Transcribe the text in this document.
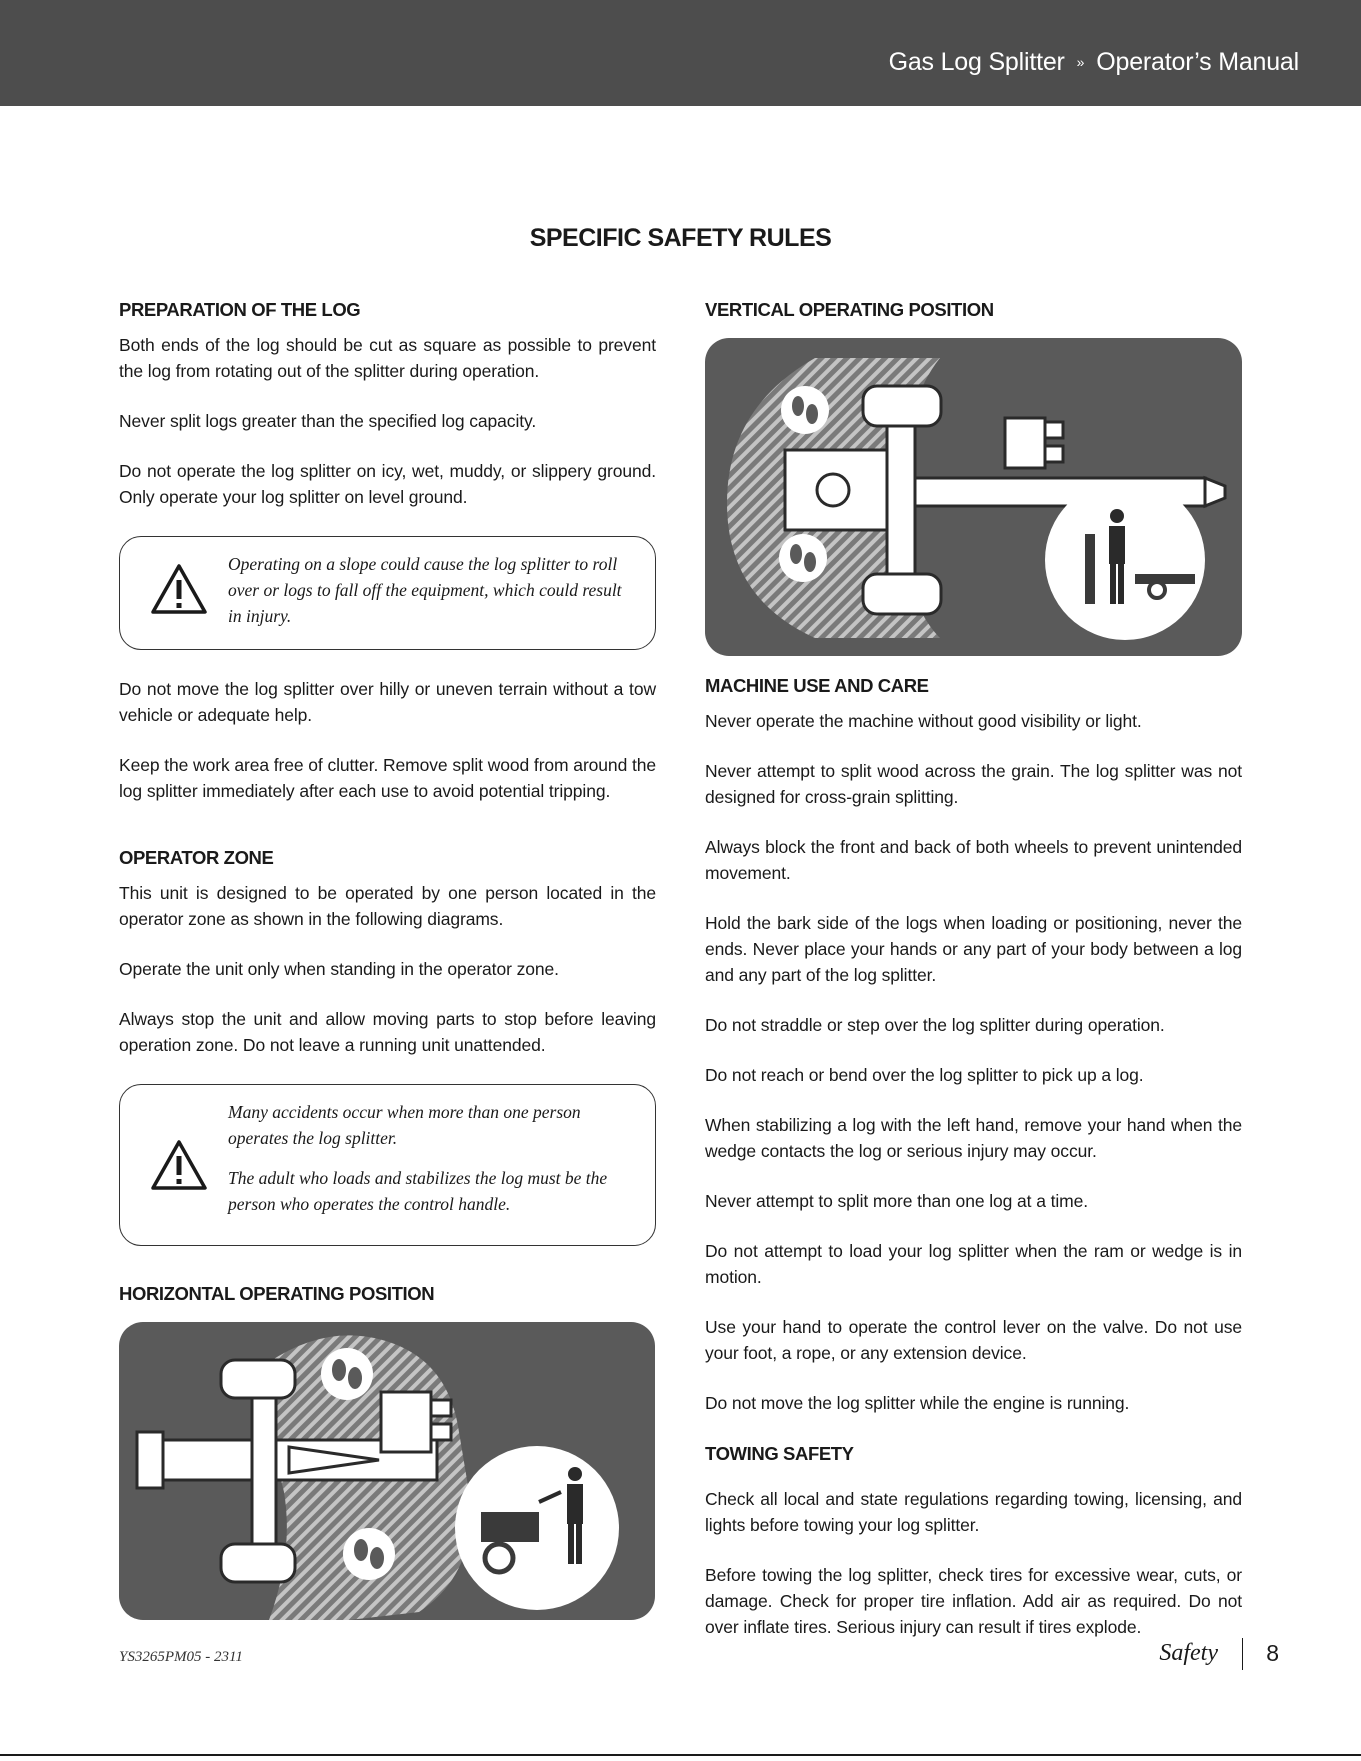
Gas Log Splitter » Operator’s Manual
SPECIFIC SAFETY RULES
PREPARATION OF THE LOG

Both ends of the log should be cut as square as possible to prevent the log from rotating out of the splitter during operation.

Never split logs greater than the specified log capacity.

Do not operate the log splitter on icy, wet, muddy, or slippery ground. Only operate your log splitter on level ground.

Operating on a slope could cause the log splitter to roll over or logs to fall off the equipment, which could result in injury.

Do not move the log splitter over hilly or uneven terrain without a tow vehicle or adequate help.

Keep the work area free of clutter. Remove split wood from around the log splitter immediately after each use to avoid potential tripping.

OPERATOR ZONE

This unit is designed to be operated by one person located in the operator zone as shown in the following diagrams.

Operate the unit only when standing in the operator zone.

Always stop the unit and allow moving parts to stop before leaving operation zone. Do not leave a running unit unattended.

Many accidents occur when more than one person operates the log splitter.
The adult who loads and stabilizes the log must be the person who operates the control handle.
HORIZONTAL OPERATING POSITION
VERTICAL OPERATING POSITION
MACHINE USE AND CARE

Never operate the machine without good visibility or light.

Never attempt to split wood across the grain. The log splitter was not designed for cross-grain splitting.

Always block the front and back of both wheels to prevent unintended movement.

Hold the bark side of the logs when loading or positioning, never the ends. Never place your hands or any part of your body between a log and any part of the log splitter.

Do not straddle or step over the log splitter during operation.

Do not reach or bend over the log splitter to pick up a log.

When stabilizing a log with the left hand, remove your hand when the wedge contacts the log or serious injury may occur.

Never attempt to split more than one log at a time.

Do not attempt to load your log splitter when the ram or wedge is in motion.

Use your hand to operate the control lever on the valve. Do not use your foot, a rope, or any extension device.

Do not move the log splitter while the engine is running.

TOWING SAFETY

Check all local and state regulations regarding towing, licensing, and lights before towing your log splitter.

Before towing the log splitter, check tires for excessive wear, cuts, or damage. Check for proper tire inflation. Add air as required. Do not over inflate tires. Serious injury can result if tires explode.

YS3265PM05 - 2311	Safety 8
